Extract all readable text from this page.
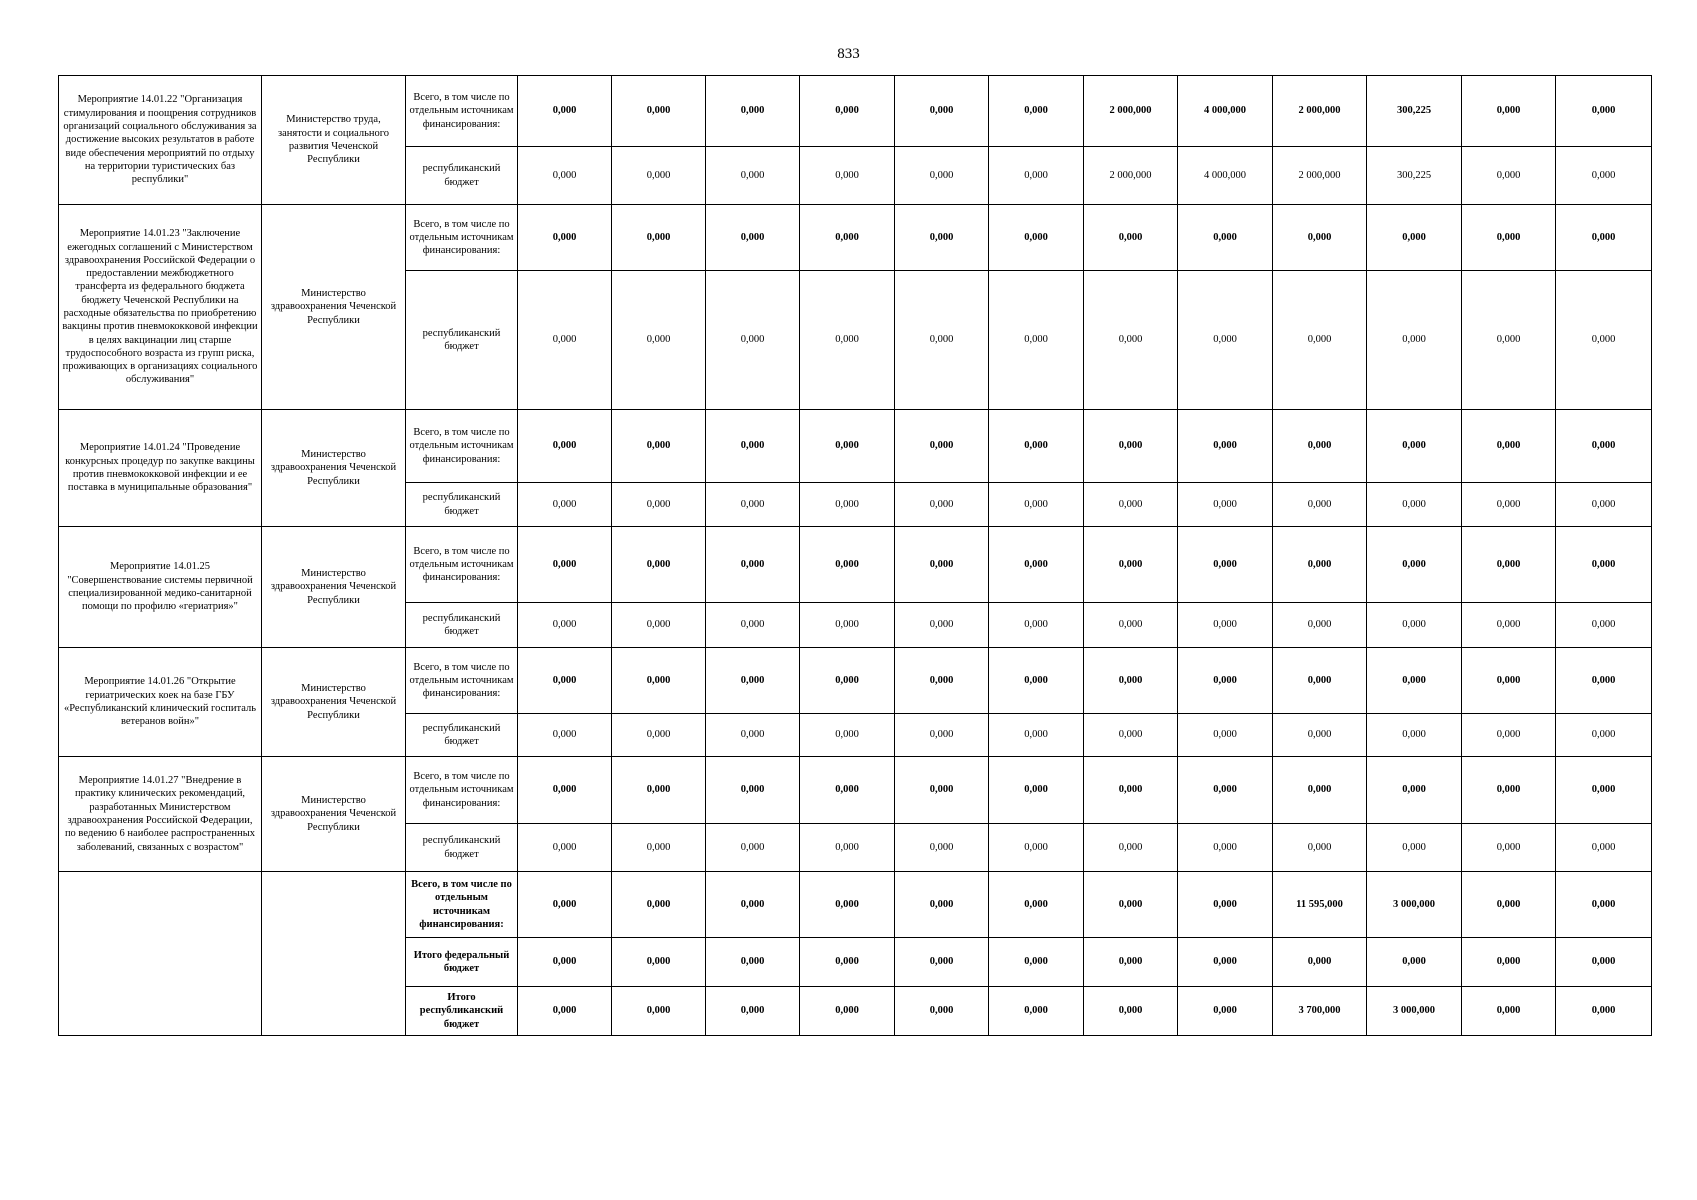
833
Мероприятие 14.01.22 "Организация стимулирования и поощрения сотрудников организаций социального обслуживания за достижение высоких результатов в работе виде обеспечения мероприятий по отдыху на территории туристических баз республики"	Министерство труда, занятости и социального развития Чеченской Республики	Всего, в том числе по отдельным источникам финансирования:	0,000	0,000	0,000	0,000	0,000	0,000	2 000,000	4 000,000	2 000,000	300,225	0,000	0,000
		республиканский бюджет	0,000	0,000	0,000	0,000	0,000	0,000	2 000,000	4 000,000	2 000,000	300,225	0,000	0,000
Мероприятие 14.01.23 "Заключение ежегодных соглашений с Министерством здравоохранения Российской Федерации о предоставлении межбюджетного трансферта из федерального бюджета бюджету Чеченской Республики на расходные обязательства по приобретению вакцины против пневмококковой инфекции в целях вакцинации лиц старше трудоспособного возраста из групп риска, проживающих в организациях социального обслуживания"	Министерство здравоохранения Чеченской Республики	Всего, в том числе по отдельным источникам финансирования:	0,000	0,000	0,000	0,000	0,000	0,000	0,000	0,000	0,000	0,000	0,000	0,000
		республиканский бюджет	0,000	0,000	0,000	0,000	0,000	0,000	0,000	0,000	0,000	0,000	0,000	0,000
Мероприятие 14.01.24 "Проведение конкурсных процедур по закупке вакцины против пневмококковой инфекции и ее поставка в муниципальные образования"	Министерство здравоохранения Чеченской Республики	Всего, в том числе по отдельным источникам финансирования:	0,000	0,000	0,000	0,000	0,000	0,000	0,000	0,000	0,000	0,000	0,000	0,000
		республиканский бюджет	0,000	0,000	0,000	0,000	0,000	0,000	0,000	0,000	0,000	0,000	0,000	0,000
Мероприятие 14.01.25 "Совершенствование системы первичной специализированной медико-санитарной помощи по профилю «гериатрия»"	Министерство здравоохранения Чеченской Республики	Всего, в том числе по отдельным источникам финансирования:	0,000	0,000	0,000	0,000	0,000	0,000	0,000	0,000	0,000	0,000	0,000	0,000
		республиканский бюджет	0,000	0,000	0,000	0,000	0,000	0,000	0,000	0,000	0,000	0,000	0,000	0,000
Мероприятие 14.01.26 "Открытие гериатрических коек на базе ГБУ «Республиканский клинический госпиталь ветеранов войн»"	Министерство здравоохранения Чеченской Республики	Всего, в том числе по отдельным источникам финансирования:	0,000	0,000	0,000	0,000	0,000	0,000	0,000	0,000	0,000	0,000	0,000	0,000
		республиканский бюджет	0,000	0,000	0,000	0,000	0,000	0,000	0,000	0,000	0,000	0,000	0,000	0,000
Мероприятие 14.01.27 "Внедрение в практику клинических рекомендаций, разработанных Министерством здравоохранения Российской Федерации, по ведению 6 наиболее распространенных заболеваний, связанных с возрастом"	Министерство здравоохранения Чеченской Республики	Всего, в том числе по отдельным источникам финансирования:	0,000	0,000	0,000	0,000	0,000	0,000	0,000	0,000	0,000	0,000	0,000	0,000
		республиканский бюджет	0,000	0,000	0,000	0,000	0,000	0,000	0,000	0,000	0,000	0,000	0,000	0,000
		Всего, в том числе по отдельным источникам финансирования:	0,000	0,000	0,000	0,000	0,000	0,000	0,000	0,000	11 595,000	3 000,000	0,000	0,000
		Итого федеральный бюджет	0,000	0,000	0,000	0,000	0,000	0,000	0,000	0,000	0,000	0,000	0,000	0,000
		Итого республиканский бюджет	0,000	0,000	0,000	0,000	0,000	0,000	0,000	0,000	3 700,000	3 000,000	0,000	0,000
